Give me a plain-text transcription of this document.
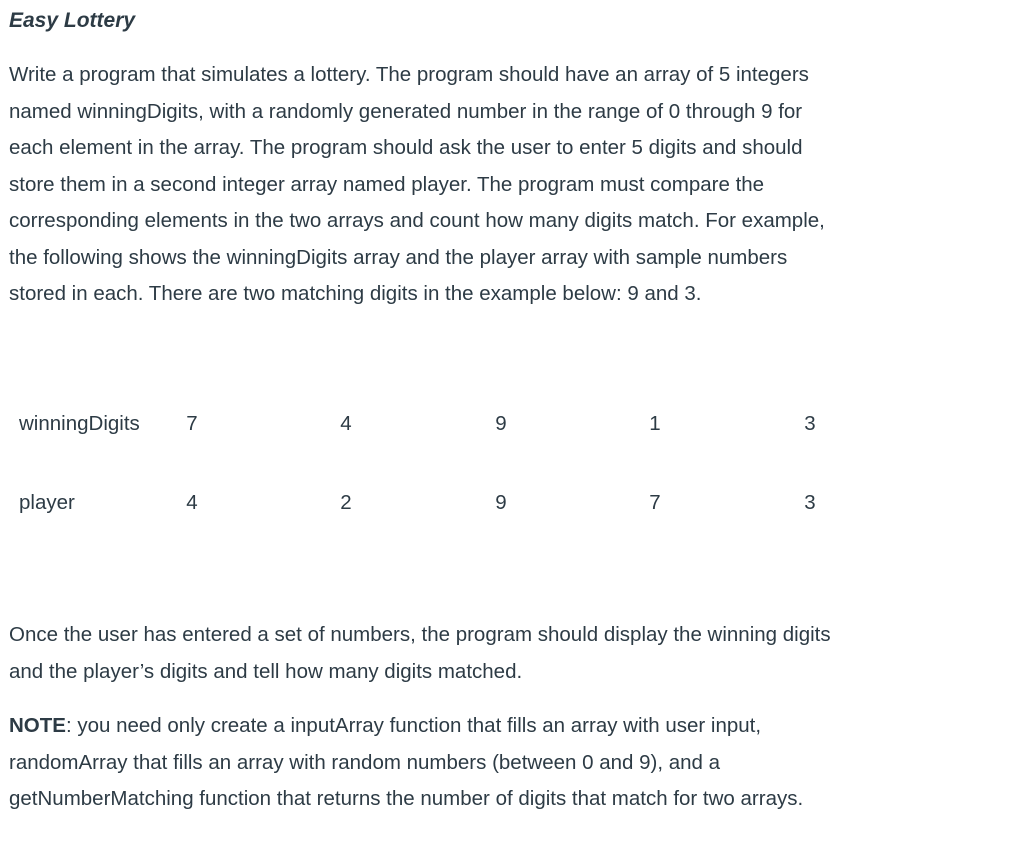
Easy Lottery

Write a program that simulates a lottery. The program should have an array of 5 integers
named winningDigits, with a randomly generated number in the range of 0 through 9 for
each element in the array. The program should ask the user to enter 5 digits and should
store them in a second integer array named player. The program must compare the
corresponding elements in the two arrays and count how many digits match. For example,
the following shows the winningDigits array and the player array with sample numbers
stored in each. There are two matching digits in the example below: 9 and 3.

winningDigits	7	4	9	1	3
player	4	2	9	7	3

Once the user has entered a set of numbers, the program should display the winning digits
and the player’s digits and tell how many digits matched.

NOTE: you need only create a inputArray function that fills an array with user input,
randomArray that fills an array with random numbers (between 0 and 9), and a
getNumberMatching function that returns the number of digits that match for two arrays.
